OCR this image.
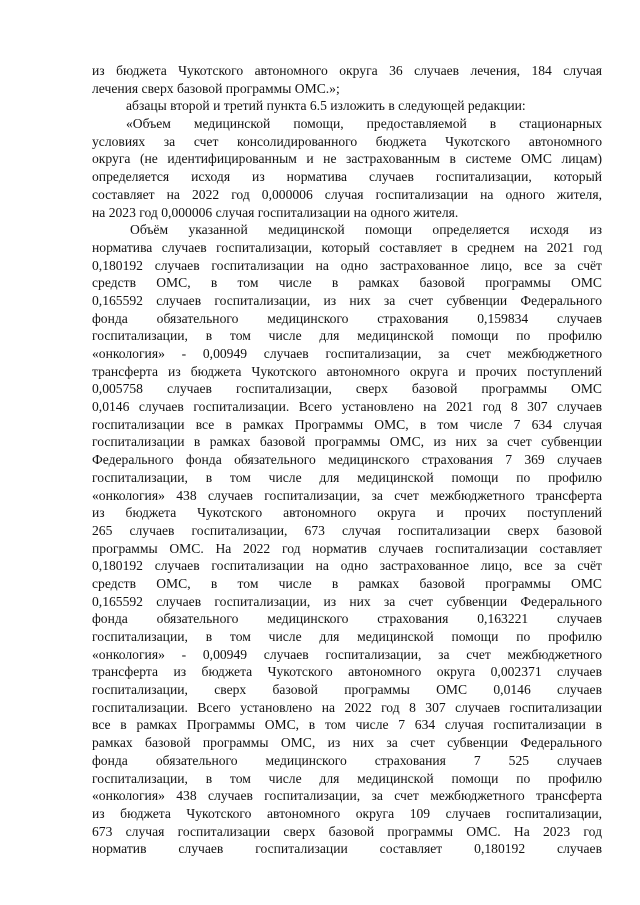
из бюджета Чукотского автономного округа 36 случаев лечения, 184 случая
лечения сверх базовой программы ОМС.»;
абзацы второй и третий пункта 6.5 изложить в следующей редакции:
«Объем медицинской помощи, предоставляемой в стационарных
условиях за счет консолидированного бюджета Чукотского автономного
округа (не идентифицированным и не застрахованным в системе ОМС лицам)
определяется исходя из норматива случаев госпитализации, который
составляет на 2022 год 0,000006 случая госпитализации на одного жителя,
на 2023 год 0,000006 случая госпитализации на одного жителя.
Объём указанной медицинской помощи определяется исходя из
норматива случаев госпитализации, который составляет в среднем на 2021 год
0,180192 случаев госпитализации на одно застрахованное лицо, все за счёт
средств ОМС, в том числе в рамках базовой программы ОМС
0,165592 случаев госпитализации, из них за счет субвенции Федерального
фонда обязательного медицинского страхования 0,159834 случаев
госпитализации, в том числе для медицинской помощи по профилю
«онкология» - 0,00949 случаев госпитализации, за счет межбюджетного
трансферта из бюджета Чукотского автономного округа и прочих поступлений
0,005758 случаев госпитализации, сверх базовой программы ОМС
0,0146 случаев госпитализации. Всего установлено на 2021 год 8 307 случаев
госпитализации все в рамках Программы ОМС, в том числе 7 634 случая
госпитализации в рамках базовой программы ОМС, из них за счет субвенции
Федерального фонда обязательного медицинского страхования 7 369 случаев
госпитализации, в том числе для медицинской помощи по профилю
«онкология» 438 случаев госпитализации, за счет межбюджетного трансферта
из бюджета Чукотского автономного округа и прочих поступлений
265 случаев госпитализации, 673 случая госпитализации сверх базовой
программы ОМС. На 2022 год норматив случаев госпитализации составляет
0,180192 случаев госпитализации на одно застрахованное лицо, все за счёт
средств ОМС, в том числе в рамках базовой программы ОМС
0,165592 случаев госпитализации, из них за счет субвенции Федерального
фонда обязательного медицинского страхования 0,163221 случаев
госпитализации, в том числе для медицинской помощи по профилю
«онкология» - 0,00949 случаев госпитализации, за счет межбюджетного
трансферта из бюджета Чукотского автономного округа 0,002371 случаев
госпитализации, сверх базовой программы ОМС 0,0146 случаев
госпитализации. Всего установлено на 2022 год 8 307 случаев госпитализации
все в рамках Программы ОМС, в том числе 7 634 случая госпитализации в
рамках базовой программы ОМС, из них за счет субвенции Федерального
фонда обязательного медицинского страхования 7 525 случаев
госпитализации, в том числе для медицинской помощи по профилю
«онкология» 438 случаев госпитализации, за счет межбюджетного трансферта
из бюджета Чукотского автономного округа 109 случаев госпитализации,
673 случая госпитализации сверх базовой программы ОМС. На 2023 год
норматив случаев госпитализации составляет 0,180192 случаев
